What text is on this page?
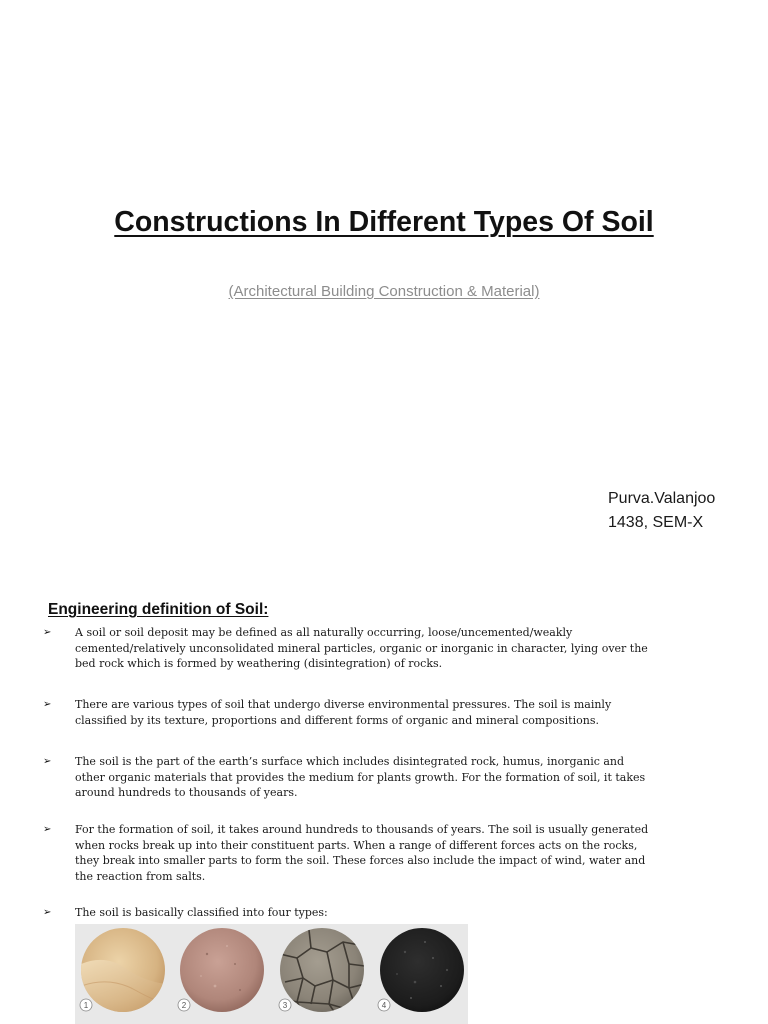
Constructions In Different Types Of Soil
(Architectural Building Construction & Material)
Purva.Valanjoo
1438, SEM-X
Engineering definition of Soil:
➢
A soil or soil deposit may be defined as all naturally occurring, loose/uncemented/weakly
cemented/relatively unconsolidated mineral particles, organic or inorganic in character, lying over the
bed rock which is formed by weathering (disintegration) of rocks.
➢
There are various types of soil that undergo diverse environmental pressures. The soil is mainly
classified by its texture, proportions and different forms of organic and mineral compositions.
➢
The soil is the part of the earth’s surface which includes disintegrated rock, humus, inorganic and
other organic materials that provides the medium for plants growth. For the formation of soil, it takes
around hundreds to thousands of years.
➢
For the formation of soil, it takes around hundreds to thousands of years. The soil is usually generated
when rocks break up into their constituent parts. When a range of different forces acts on the rocks,
they break into smaller parts to form the soil. These forces also include the impact of wind, water and
the reaction from salts.
➢
The soil is basically classified into four types:
1	2	3	4
